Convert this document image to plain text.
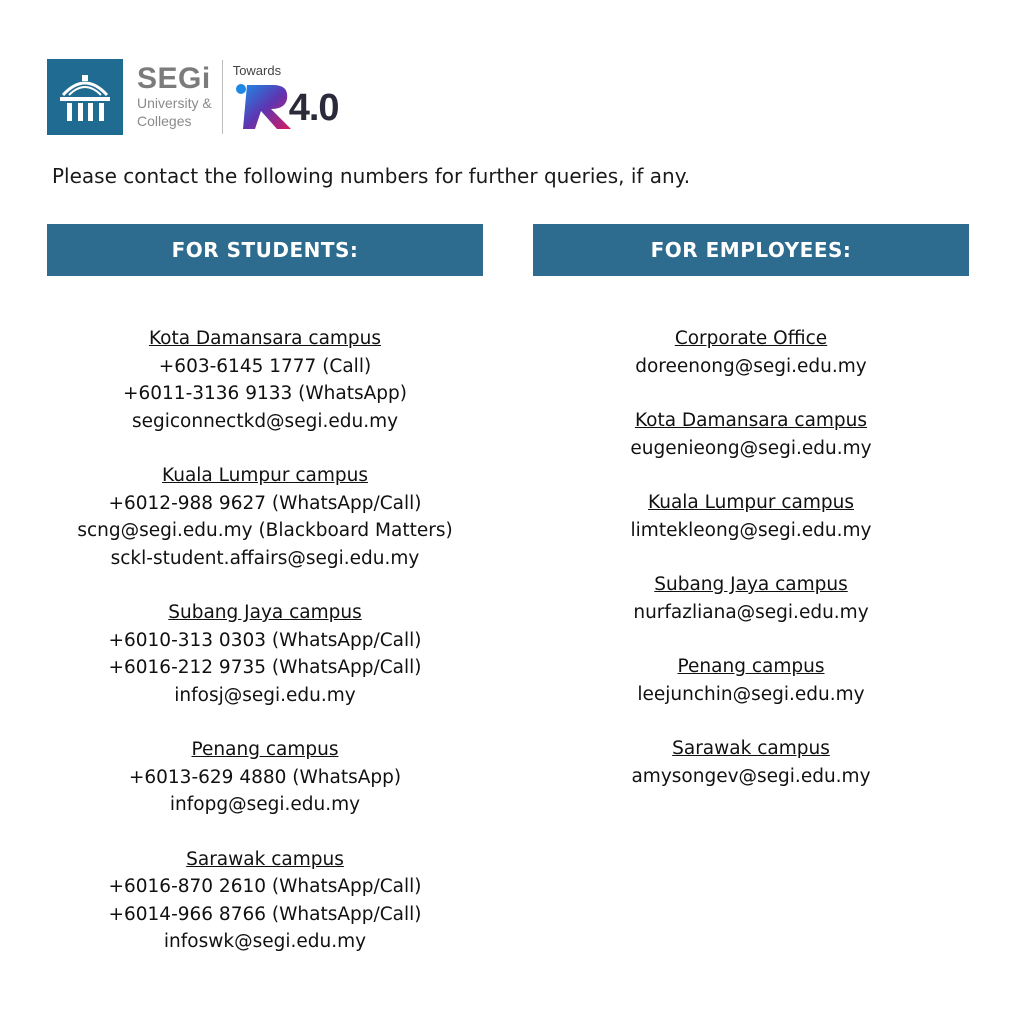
SEGi
University &
Colleges
Towards
4.0
Please contact the following numbers for further queries, if any.
FOR STUDENTS:	FOR EMPLOYEES:
Kota Damansara campus
+603-6145 1777 (Call)
+6011-3136 9133 (WhatsApp)
segiconnectkd@segi.edu.my
Kuala Lumpur campus
+6012-988 9627 (WhatsApp/Call)
scng@segi.edu.my (Blackboard Matters)
sckl-student.affairs@segi.edu.my
Subang Jaya campus
+6010-313 0303 (WhatsApp/Call)
+6016-212 9735 (WhatsApp/Call)
infosj@segi.edu.my
Penang campus
+6013-629 4880 (WhatsApp)
infopg@segi.edu.my
Sarawak campus
+6016-870 2610 (WhatsApp/Call)
+6014-966 8766 (WhatsApp/Call)
infoswk@segi.edu.my
Corporate Office
doreenong@segi.edu.my
Kota Damansara campus
eugenieong@segi.edu.my
Kuala Lumpur campus
limtekleong@segi.edu.my
Subang Jaya campus
nurfazliana@segi.edu.my
Penang campus
leejunchin@segi.edu.my
Sarawak campus
amysongev@segi.edu.my
